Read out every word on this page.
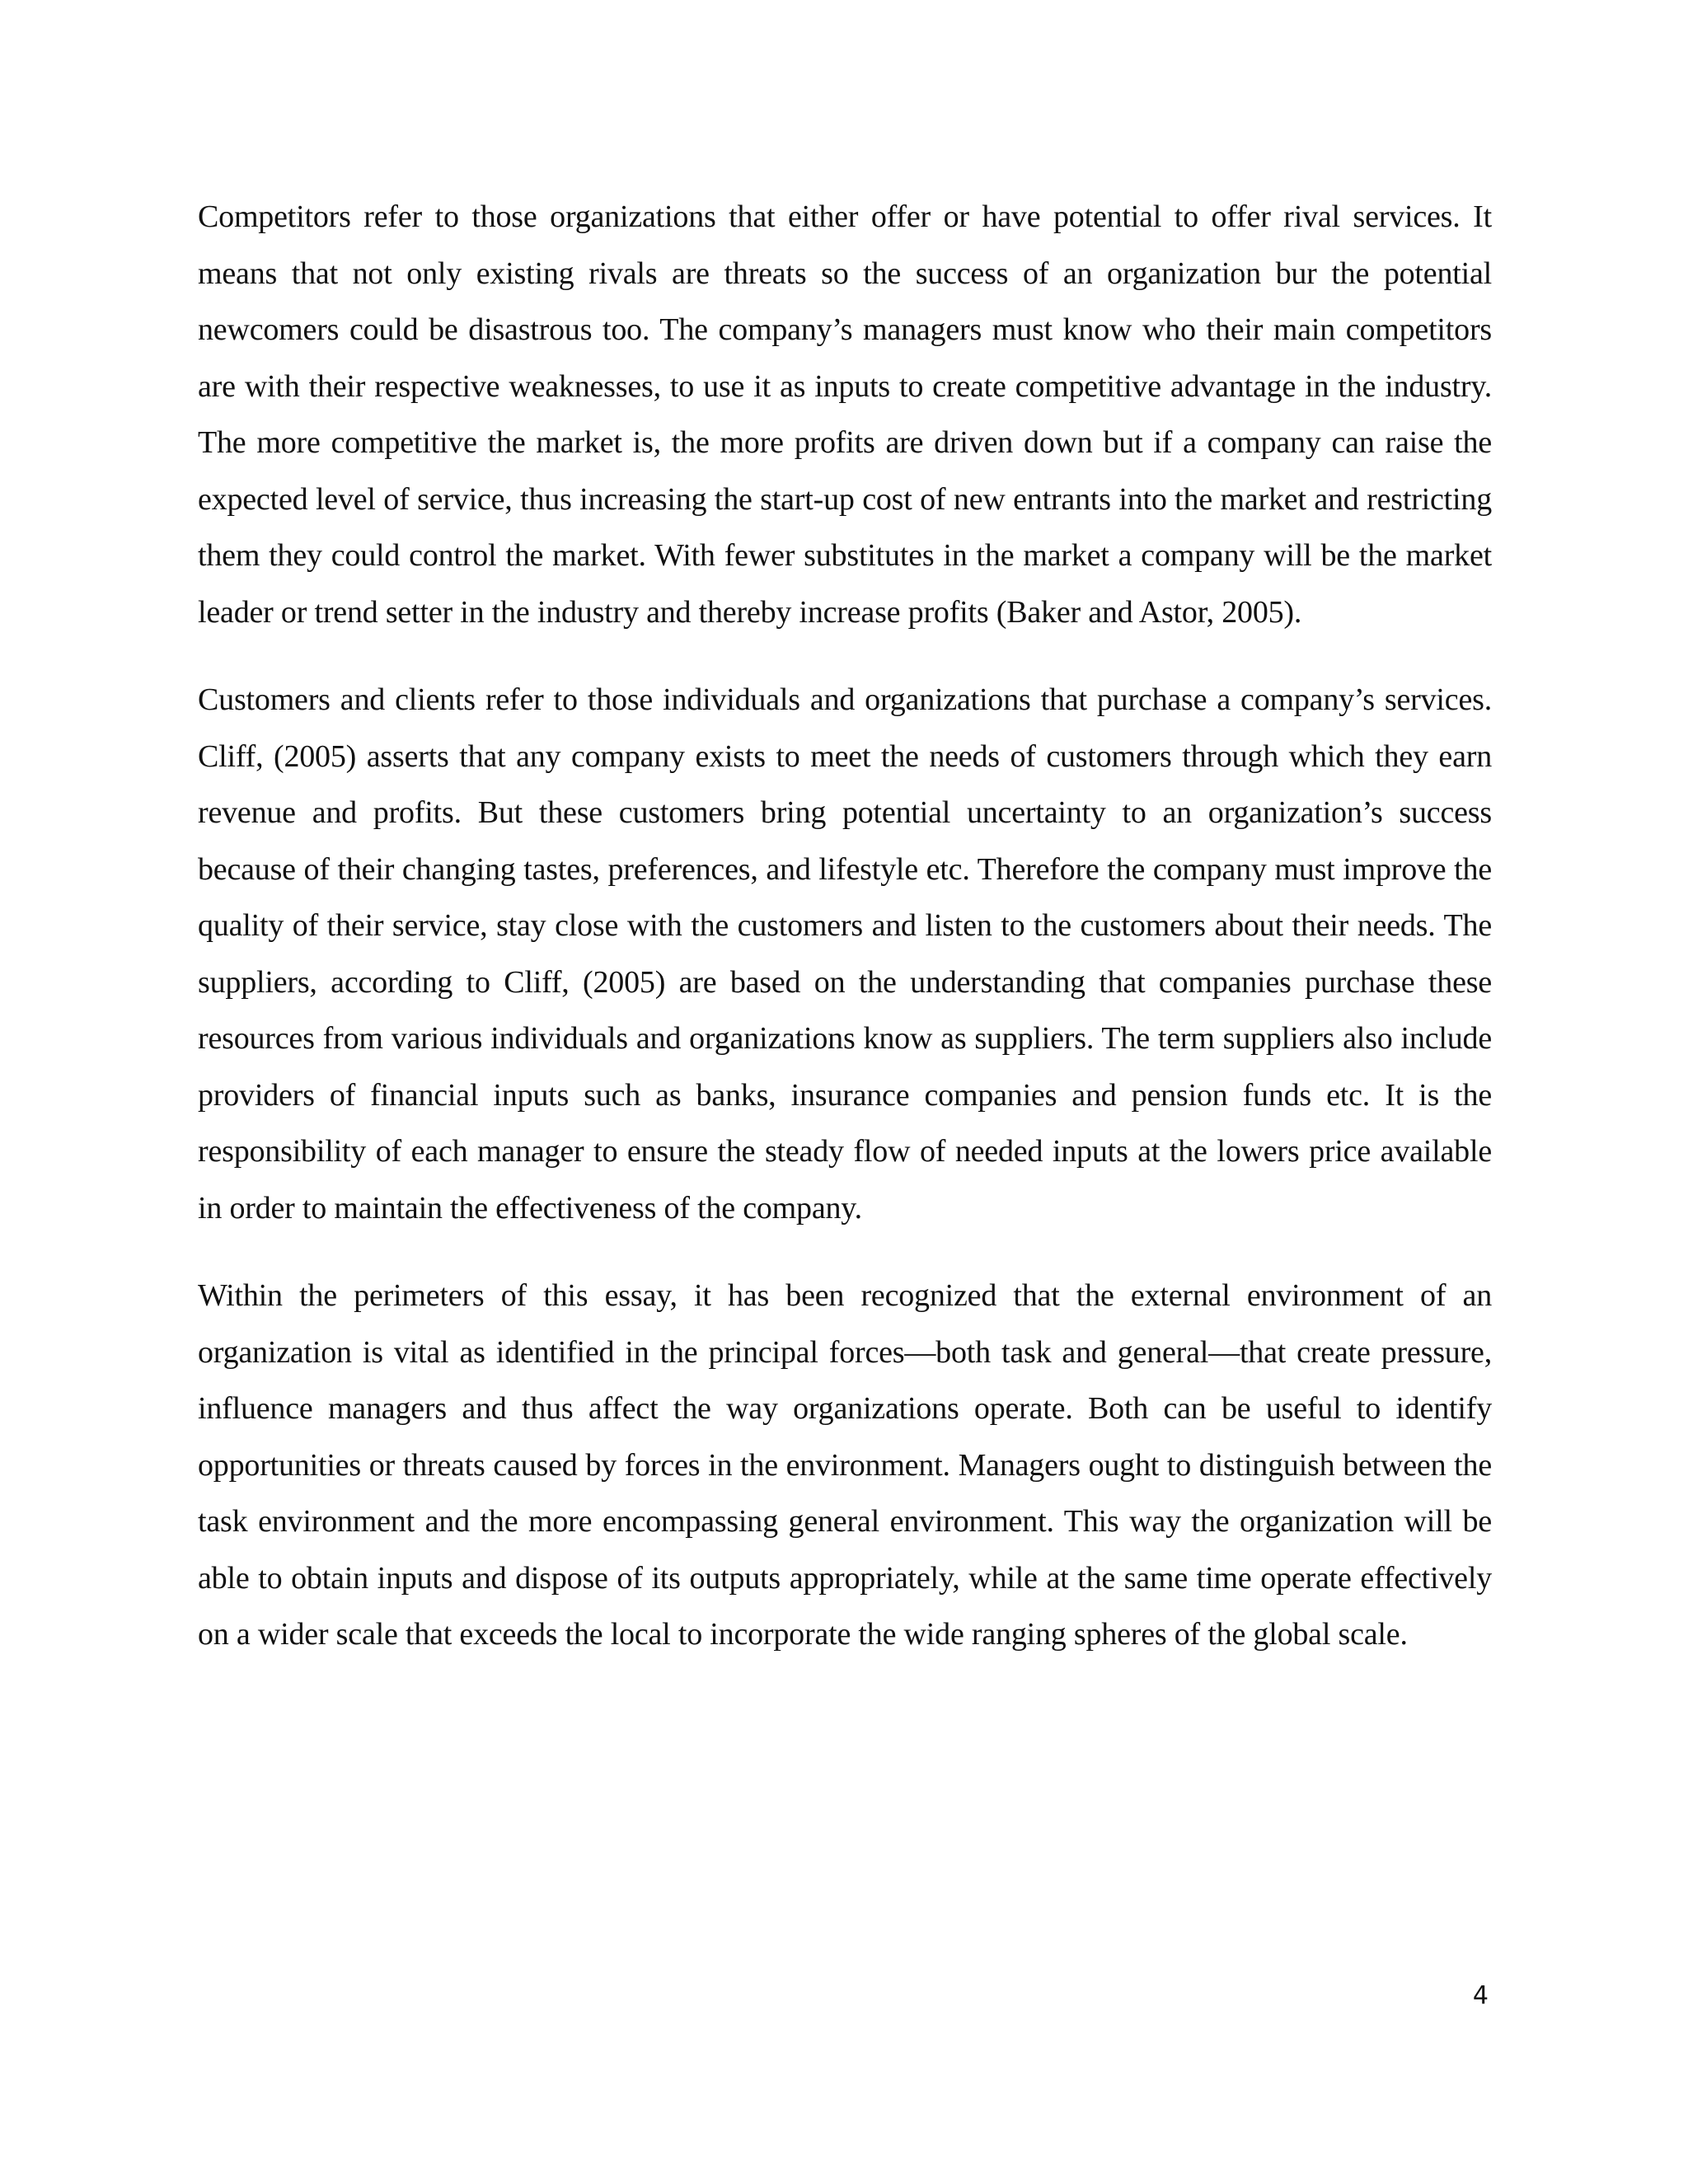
Competitors refer to those organizations that either offer or have potential to offer rival services. It means that not only existing rivals are threats so the success of an organization bur the potential newcomers could be disastrous too. The company’s managers must know who their main competitors are with their respective weaknesses, to use it as inputs to create competitive advantage in the industry. The more competitive the market is, the more profits are driven down but if a company can raise the expected level of service, thus increasing the start-up cost of new entrants into the market and restricting them they could control the market. With fewer substitutes in the market a company will be the market leader or trend setter in the industry and thereby increase profits (Baker and Astor, 2005).

Customers and clients refer to those individuals and organizations that purchase a company’s services. Cliff, (2005) asserts that any company exists to meet the needs of customers through which they earn revenue and profits. But these customers bring potential uncertainty to an organization’s success because of their changing tastes, preferences, and lifestyle etc. Therefore the company must improve the quality of their service, stay close with the customers and listen to the customers about their needs. The suppliers, according to Cliff, (2005) are based on the understanding that companies purchase these resources from various individuals and organizations know as suppliers. The term suppliers also include providers of financial inputs such as banks, insurance companies and pension funds etc. It is the responsibility of each manager to ensure the steady flow of needed inputs at the lowers price available in order to maintain the effectiveness of the company.

Within the perimeters of this essay, it has been recognized that the external environment of an organization is vital as identified in the principal forces—both task and general—that create pressure, influence managers and thus affect the way organizations operate. Both can be useful to identify opportunities or threats caused by forces in the environment. Managers ought to distinguish between the task environment and the more encompassing general environment. This way the organization will be able to obtain inputs and dispose of its outputs appropriately, while at the same time operate effectively on a wider scale that exceeds the local to incorporate the wide ranging spheres of the global scale.

4
